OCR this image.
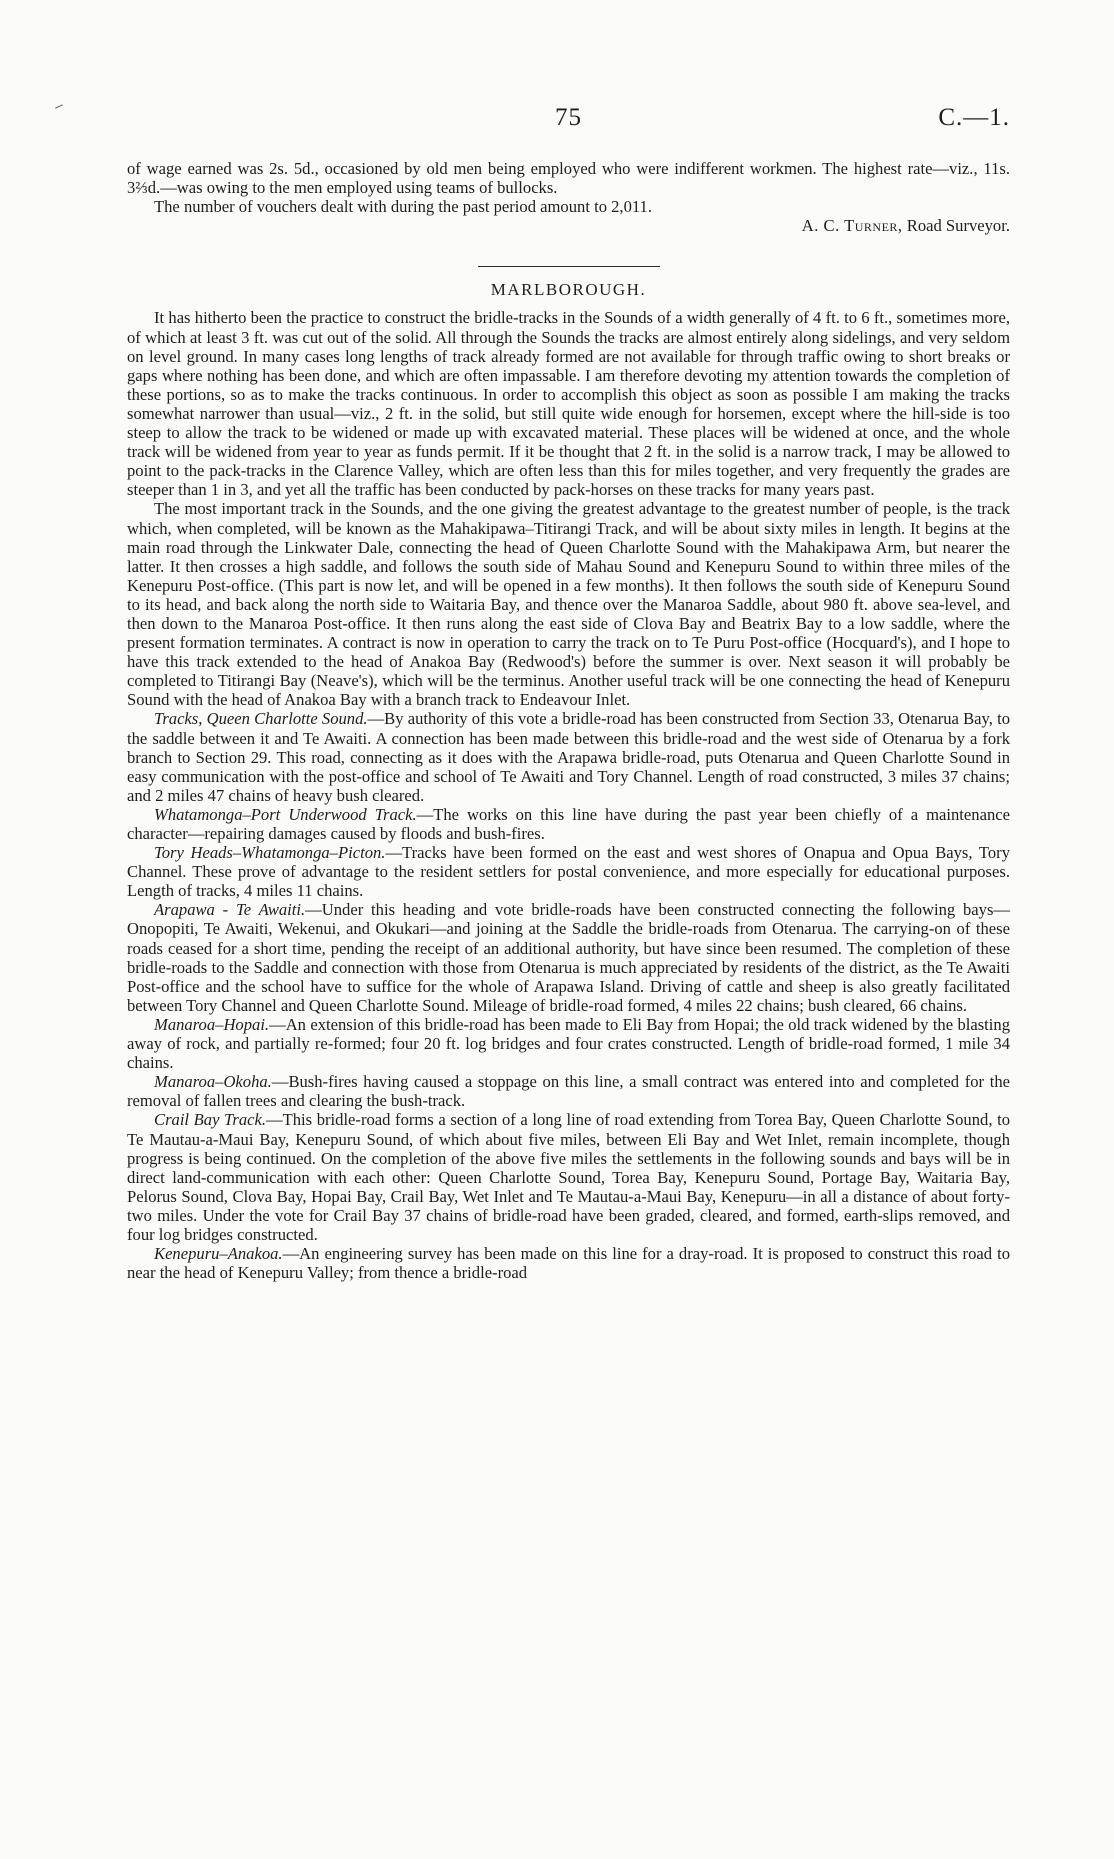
75	C.—1.

of wage earned was 2s. 5d., occasioned by old men being employed who were indifferent workmen. The highest rate—viz., 11s. 3⅔d.—was owing to the men employed using teams of bullocks.

The number of vouchers dealt with during the past period amount to 2,011.

A. C. Turner, Road Surveyor.

MARLBOROUGH.

It has hitherto been the practice to construct the bridle-tracks in the Sounds of a width generally of 4 ft. to 6 ft., sometimes more, of which at least 3 ft. was cut out of the solid. All through the Sounds the tracks are almost entirely along sidelings, and very seldom on level ground. In many cases long lengths of track already formed are not available for through traffic owing to short breaks or gaps where nothing has been done, and which are often impassable. I am therefore devoting my attention towards the completion of these portions, so as to make the tracks continuous. In order to accomplish this object as soon as possible I am making the tracks somewhat narrower than usual—viz., 2 ft. in the solid, but still quite wide enough for horsemen, except where the hill-side is too steep to allow the track to be widened or made up with excavated material. These places will be widened at once, and the whole track will be widened from year to year as funds permit. If it be thought that 2 ft. in the solid is a narrow track, I may be allowed to point to the pack-tracks in the Clarence Valley, which are often less than this for miles together, and very frequently the grades are steeper than 1 in 3, and yet all the traffic has been conducted by pack-horses on these tracks for many years past.

The most important track in the Sounds, and the one giving the greatest advantage to the greatest number of people, is the track which, when completed, will be known as the Mahakipawa–Titirangi Track, and will be about sixty miles in length. It begins at the main road through the Linkwater Dale, connecting the head of Queen Charlotte Sound with the Mahakipawa Arm, but nearer the latter. It then crosses a high saddle, and follows the south side of Mahau Sound and Kenepuru Sound to within three miles of the Kenepuru Post-office. (This part is now let, and will be opened in a few months). It then follows the south side of Kenepuru Sound to its head, and back along the north side to Waitaria Bay, and thence over the Manaroa Saddle, about 980 ft. above sea-level, and then down to the Manaroa Post-office. It then runs along the east side of Clova Bay and Beatrix Bay to a low saddle, where the present formation terminates. A contract is now in operation to carry the track on to Te Puru Post-office (Hocquard's), and I hope to have this track extended to the head of Anakoa Bay (Redwood's) before the summer is over. Next season it will probably be completed to Titirangi Bay (Neave's), which will be the terminus. Another useful track will be one connecting the head of Kenepuru Sound with the head of Anakoa Bay with a branch track to Endeavour Inlet.

Tracks, Queen Charlotte Sound.—By authority of this vote a bridle-road has been constructed from Section 33, Otenarua Bay, to the saddle between it and Te Awaiti. A connection has been made between this bridle-road and the west side of Otenarua by a fork branch to Section 29. This road, connecting as it does with the Arapawa bridle-road, puts Otenarua and Queen Charlotte Sound in easy communication with the post-office and school of Te Awaiti and Tory Channel. Length of road constructed, 3 miles 37 chains; and 2 miles 47 chains of heavy bush cleared.

Whatamonga–Port Underwood Track.—The works on this line have during the past year been chiefly of a maintenance character—repairing damages caused by floods and bush-fires.

Tory Heads–Whatamonga–Picton.—Tracks have been formed on the east and west shores of Onapua and Opua Bays, Tory Channel. These prove of advantage to the resident settlers for postal convenience, and more especially for educational purposes. Length of tracks, 4 miles 11 chains.

Arapawa - Te Awaiti.—Under this heading and vote bridle-roads have been constructed connecting the following bays—Onopopiti, Te Awaiti, Wekenui, and Okukari—and joining at the Saddle the bridle-roads from Otenarua. The carrying-on of these roads ceased for a short time, pending the receipt of an additional authority, but have since been resumed. The completion of these bridle-roads to the Saddle and connection with those from Otenarua is much appreciated by residents of the district, as the Te Awaiti Post-office and the school have to suffice for the whole of Arapawa Island. Driving of cattle and sheep is also greatly facilitated between Tory Channel and Queen Charlotte Sound. Mileage of bridle-road formed, 4 miles 22 chains; bush cleared, 66 chains.

Manaroa–Hopai.—An extension of this bridle-road has been made to Eli Bay from Hopai; the old track widened by the blasting away of rock, and partially re-formed; four 20 ft. log bridges and four crates constructed. Length of bridle-road formed, 1 mile 34 chains.

Manaroa–Okoha.—Bush-fires having caused a stoppage on this line, a small contract was entered into and completed for the removal of fallen trees and clearing the bush-track.

Crail Bay Track.—This bridle-road forms a section of a long line of road extending from Torea Bay, Queen Charlotte Sound, to Te Mautau-a-Maui Bay, Kenepuru Sound, of which about five miles, between Eli Bay and Wet Inlet, remain incomplete, though progress is being continued. On the completion of the above five miles the settlements in the following sounds and bays will be in direct land-communication with each other: Queen Charlotte Sound, Torea Bay, Kenepuru Sound, Portage Bay, Waitaria Bay, Pelorus Sound, Clova Bay, Hopai Bay, Crail Bay, Wet Inlet and Te Mautau-a-Maui Bay, Kenepuru—in all a distance of about forty-two miles. Under the vote for Crail Bay 37 chains of bridle-road have been graded, cleared, and formed, earth-slips removed, and four log bridges constructed.

Kenepuru–Anakoa.—An engineering survey has been made on this line for a dray-road. It is proposed to construct this road to near the head of Kenepuru Valley; from thence a bridle-road
